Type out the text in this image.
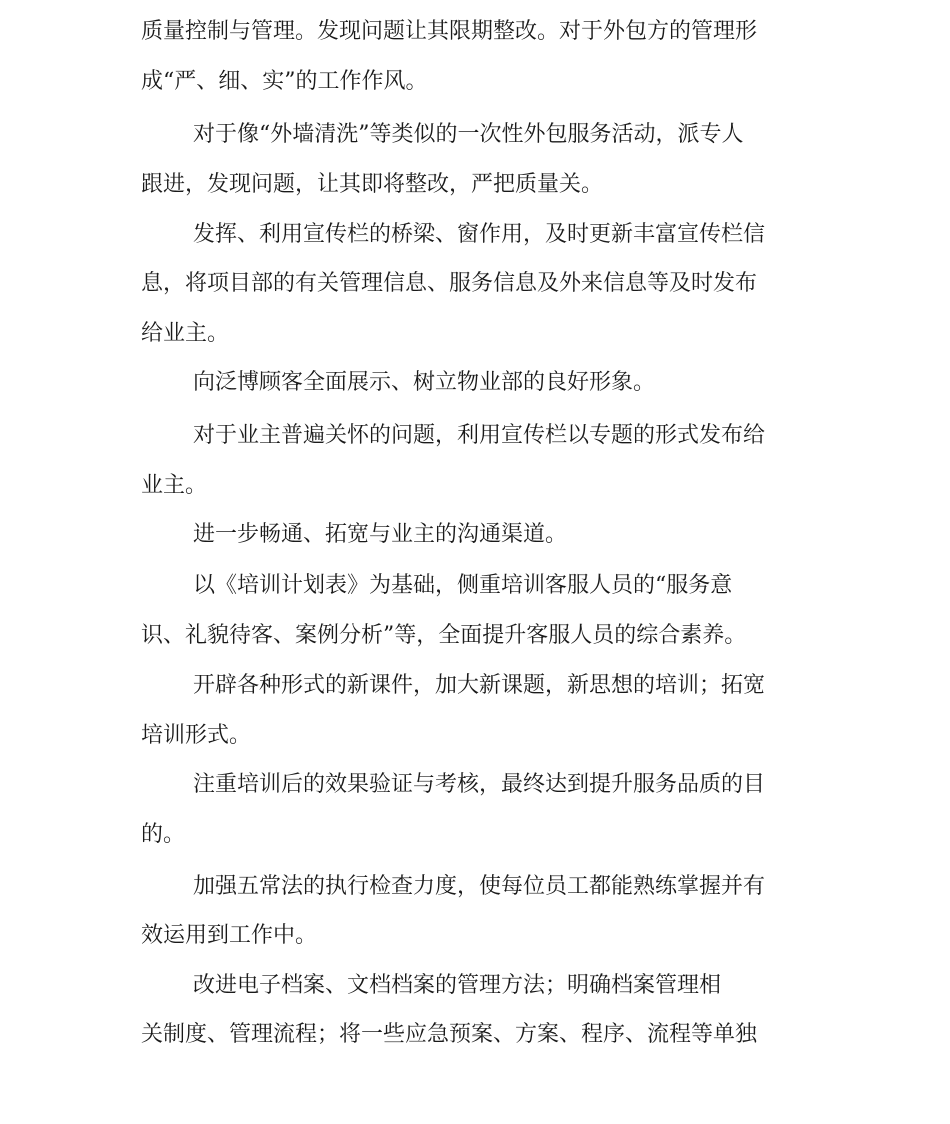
质量控制与管理。发现问题让其限期整改。对于外包方的管理形
成“严、细、实”的工作作风。
对于像“外墙清洗”等类似的一次性外包服务活动，派专人
跟进，发现问题，让其即将整改，严把质量关。
发挥、利用宣传栏的桥梁、窗作用，及时更新丰富宣传栏信
息，将项目部的有关管理信息、服务信息及外来信息等及时发布
给业主。
向泛博顾客全面展示、树立物业部的良好形象。
对于业主普遍关怀的问题，利用宣传栏以专题的形式发布给
业主。
进一步畅通、拓宽与业主的沟通渠道。
以《培训计划表》为基础，侧重培训客服人员的“服务意
识、礼貌待客、案例分析”等，全面提升客服人员的综合素养。
开辟各种形式的新课件，加大新课题，新思想的培训；拓宽
培训形式。
注重培训后的效果验证与考核，最终达到提升服务品质的目
的。
加强五常法的执行检查力度，使每位员工都能熟练掌握并有
效运用到工作中。
改进电子档案、文档档案的管理方法；明确档案管理相
关制度、管理流程；将一些应急预案、方案、程序、流程等单独
